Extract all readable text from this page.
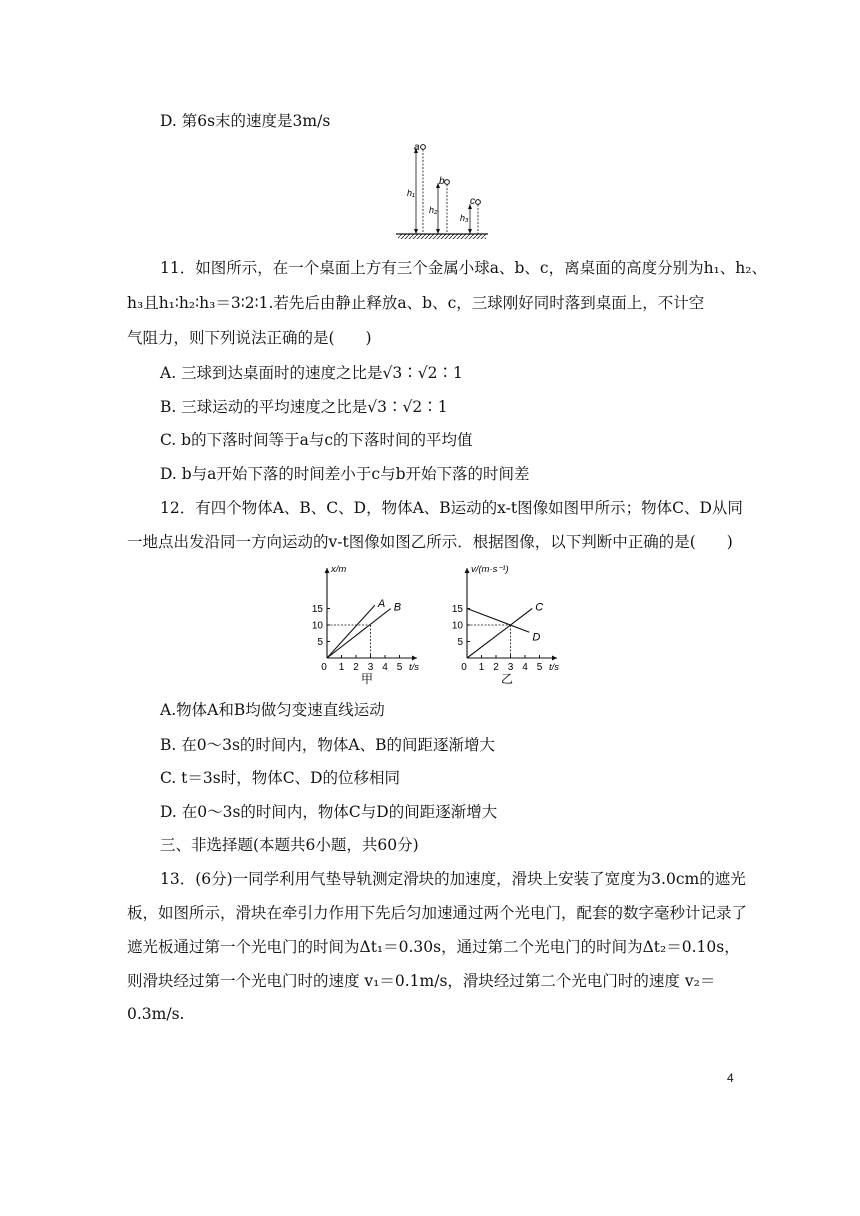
D. 第6s末的速度是3m/s
a
b
c
h₁
h₂
h₃
11．如图所示，在一个桌面上方有三个金属小球a、b、c，离桌面的高度分别为h₁、h₂、
h₃且h₁∶h₂∶h₃＝3∶2∶1.若先后由静止释放a、b、c，三球刚好同时落到桌面上，不计空
气阻力，则下列说法正确的是(　　)
A. 三球到达桌面时的速度之比是√3∶√2∶1
B. 三球运动的平均速度之比是√3∶√2∶1
C. b的下落时间等于a与c的下落时间的平均值
D. b与a开始下落的时间差小于c与b开始下落的时间差
12．有四个物体A、B、C、D，物体A、B运动的x-t图像如图甲所示；物体C、D从同
一地点出发沿同一方向运动的v-t图像如图乙所示．根据图像，以下判断中正确的是(　　)
0 1 2 3 4 5
5
10
15	A B
x/m
t/s
甲
0 1 2 3 4 5
5
10
15	C
D
v/(m·s⁻¹)
t/s
乙
A.物体A和B均做匀变速直线运动
B. 在0～3s的时间内，物体A、B的间距逐渐增大
C. t＝3s时，物体C、D的位移相同
D. 在0～3s的时间内，物体C与D的间距逐渐增大
三、非选择题(本题共6小题，共60分)
13．(6分)一同学利用气垫导轨测定滑块的加速度，滑块上安装了宽度为3.0cm的遮光
板，如图所示，滑块在牵引力作用下先后匀加速通过两个光电门，配套的数字毫秒计记录了
遮光板通过第一个光电门的时间为Δt₁＝0.30s，通过第二个光电门的时间为Δt₂＝0.10s，
则滑块经过第一个光电门时的速度 v₁＝0.1m/s，滑块经过第二个光电门时的速度 v₂＝
0.3m/s.
4
